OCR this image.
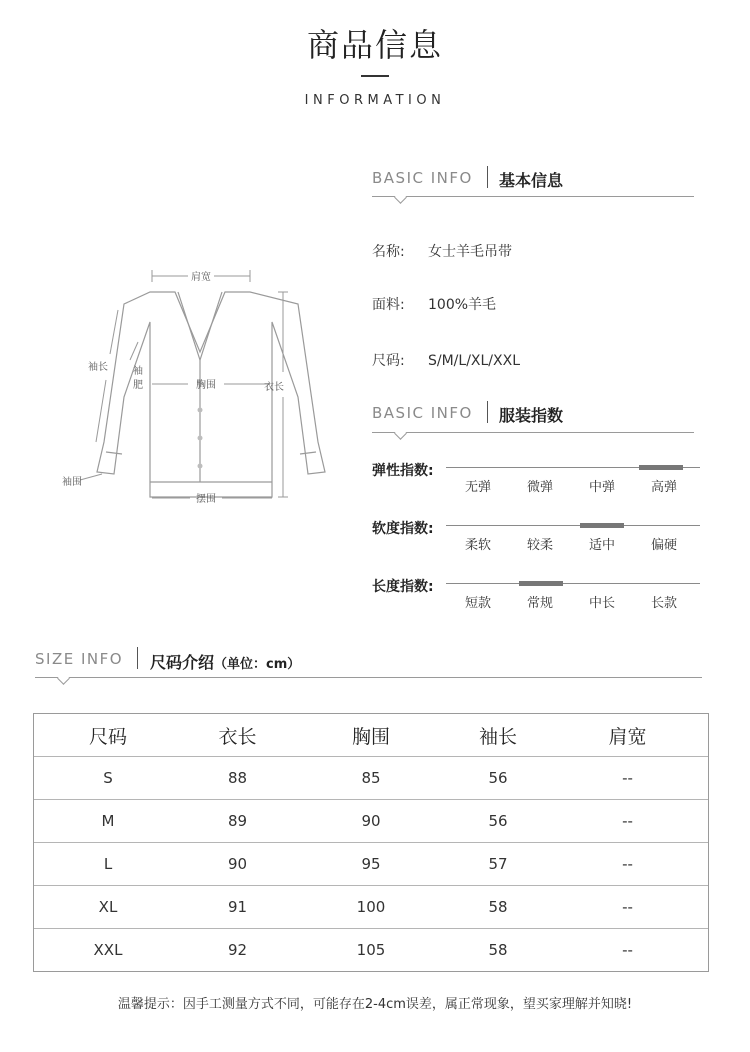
商品信息
INFORMATION
肩宽
袖长	袖
肥	胸围	衣长
袖围
摆围
BASIC INFO 基本信息
名称: 女士羊毛吊带
面料: 100%羊毛
尺码: S/M/L/XL/XXL
BASIC INFO 服装指数
弹性指数:
无弹	微弹	中弹	高弹
软度指数:
柔软	较柔	适中	偏硬
长度指数:
短款	常规	中长	长款
SIZE INFO 尺码介绍（单位：cm）
尺码	衣长	胸围	袖长	肩宽
S	88	85	56	--
M	89	90	56	--
L	90	95	57	--
XL	91	100	58	--
XXL	92	105	58	--
温馨提示：因手工测量方式不同，可能存在2-4cm误差，属正常现象，望买家理解并知晓!
